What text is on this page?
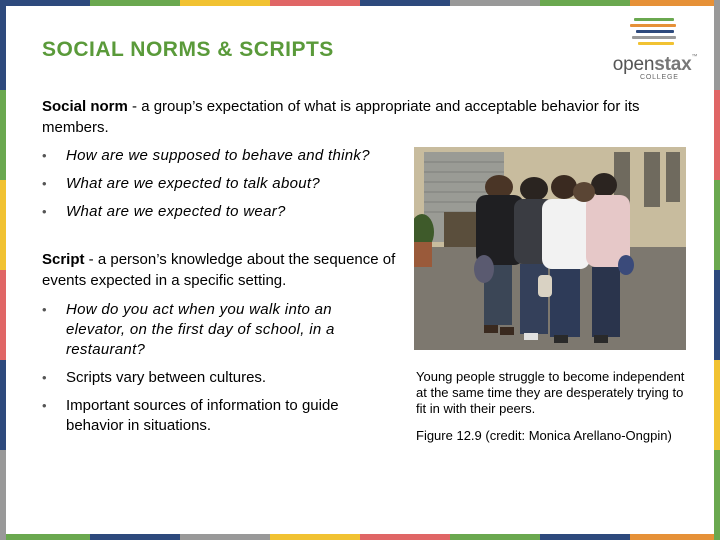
SOCIAL NORMS & SCRIPTS
openstax™
COLLEGE
Social norm - a group’s expectation of what is appropriate and acceptable behavior for its members.
• How are we supposed to behave and think?
• What are we expected to talk about?
• What are we expected to wear?
Script - a person’s knowledge about the sequence of events expected in a specific setting.
• How do you act when you walk into an elevator, on the first day of school, in a restaurant?
• Scripts vary between cultures.
• Important sources of information to guide behavior in situations.
Young people struggle to become independent at the same time they are desperately trying to fit in with their peers.
Figure 12.9 (credit: Monica Arellano-Ongpin)
